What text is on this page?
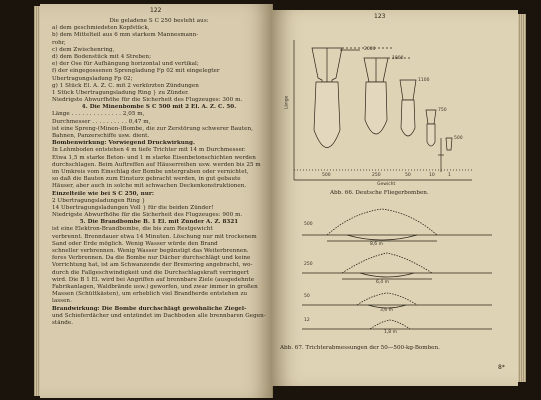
122
Die geladene S C 250 besteht aus:
a) dem geschmiedeten Kopfstück,
b) dem Mittelteil aus 6 mm starkem Mannesmann-
rohr,
c) dem Zwischenring,
d) dem Bodenstück mit 4 Streben;
e) der Öse für Aufhängung horizontal und vertikal;
f) der eingegossenen Sprengladung Fp 02 mit eingelegter
Übertragungsladung Fp 02;
g) 1 Stück El. A. Z. C. mit 2 verkürzten Zündungen
1 Stück Übertragungsladung Ring } zu Zünder.
Niedrigste Abwurfhöhe für die Sicherheit des Flugzeuges: 300 m.
4. Die Minenbombe S C 500 mit 2 El. A. Z. C. 50.
Länge . . . . . . . . . . . . . . 2,05 m,
Durchmesser . . . . . . . . . . 0,47 m,
ist eine Spreng-(Minen-)Bombe, die zur Zerstörung schwerer Bauten,
Bahnen, Panzerschiffe usw. dient.
Bombenwirkung: Vorwiegend Druckwirkung.
In Lehmboden entstehen 4 m tiefe Trichter mit 14 m Durchmesser.
Etwa 1,5 m starke Beton- und 1 m starke Eisenbetonschichten werden
durchschlagen. Beim Auftreffen auf Häuserreihen usw. werden bis 25 m
im Umkreis vom Einschlag der Bombe untergraben oder vernichtet,
so daß die Bauten zum Einsturz gebracht werden, in gut gebaute
Häuser, aber auch in solche mit schwachen Deckenkonstruktionen.
Einzelteile wie bei S C 250, nur:
2 Übertragungsladungen Ring }
14 Übertragungsladungen Voll } für die beiden Zünder!
Niedrigste Abwurfhöhe für die Sicherheit des Flugzeuges: 900 m.
5. Die Brandbombe B. 1 El. mit Zünder A. Z. 8321
ist eine Elektron-Brandbombe, die bis zum Restgewicht
verbrennt. Brenndauer etwa 14 Minuten. Löschung nur mit trockenem
Sand oder Erde möglich. Wenig Wasser würde den Brand
schneller verbrennen. Wenig Wasser begünstigt das Weiterbrennen.
feres Verbrennen. Da die Bombe nur Dächer durchschlägt und keine
Vorrichtung hat, ist am Schwanzende der Bremsring angebracht, wo-
durch die Fallgeschwindigkeit und die Durchschlagskraft verringert
wird. Die B 1 El. wird bei Angriffen auf brennbare Ziele (ausgedehnte
Fabrikanlagen, Waldbrände usw.) geworfen, und zwar immer in großen
Massen (Schüttkästen), um erheblich viel Brandherde entstehen zu
lassen.
Brandwirkung: Die Bombe durchschlägt gewöhnliche Ziegel-
und Schieferdächer und entzündet im Dachboden alle brennbaren Gegen-
stände.
123
2000
1800
1100
750
500
Länge
Gewicht
500	250	50	10	1
Abb. 66. Deutsche Fliegerbomben.
500
250
50
12
8,6 m
6,4 m
3,6 m
1,8 m
Abb. 67. Trichterabmessungen der 50—500-kg-Bomben.
8*
